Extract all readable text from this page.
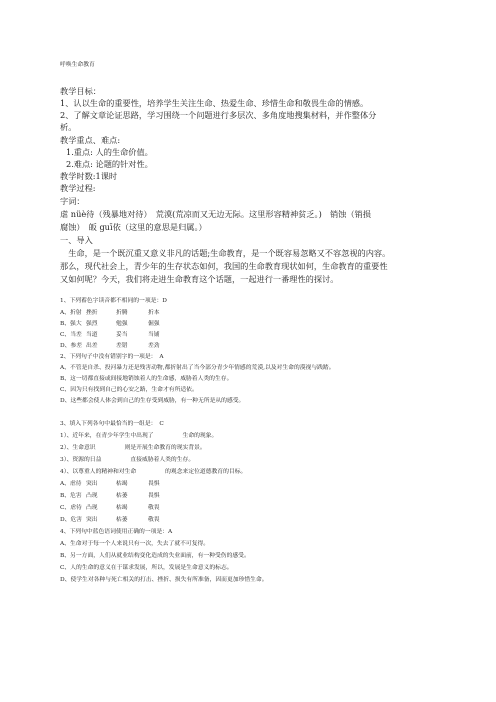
呼唤生命教育
教学目标：
1、认以生命的重要性，培养学生关注生命、热爱生命、珍惜生命和敬畏生命的情感。
2、了解文章论证思路，学习围绕一个问题进行多层次、多角度地搜集材料，并作整体分
析。
教学重点、难点:
1.重点: 人的生命价值。
2.难点: 论题的针对性。
教学时数:1课时
教学过程:
字词：
虐 nüè待（残暴地对待）　荒漠(荒凉而又无边无际。这里形容精神贫乏。)　销蚀（销损
腐蚀）　皈 guī依（这里的意思是归属。）
一、导入
　生命，是一个既沉重又意义非凡的话题;生命教育，是一个既容易忽略又不容忽视的内容。
那么，现代社会上，青少年的生存状态如何，我国的生命教育现状如何，生命教育的重要性
又如何呢？今天，我们将走进生命教育这个话题，一起进行一番理性的探讨。
1、下列蓄色字读音都不相同的一项是：D
A、折射 挫折	折腾	折本
B、强大 强烈	勉强	倔强
C、当差 当道	妥当	当铺
D、参差 出差	差错	差劲
2、下列句子中没有错别字的一项是：　A
A、不管是自杀、投河暴力还是残害动物,都折射出了当今部分青少年情感的荒漠,以及对生命的漠视与践踏。
B、这一切都直接或间接地销蚀着人的生命感，威胁着人类的生存。
C、因为只有找到自己的心安之路，生命才有所适依。
D、这些都会使人体会到自己的生存受到威胁，有一种无所是从的感受。
3、填入下列各句中最恰当的一组是：　C
1）、近年来，在青少年学生中出现了　　　　　生命的现象。
2）、生命意识　　　　　则是开展生命教育的现实背景。
3）、资源的日益　　　　　直接威胁着人类的生存。
4）、以尊重人的精神和对生命　　　　　的观念来定位道德教育的目标。
A、虐待 突出	枯竭	畏惧
B、危害 凸现	枯萎	畏惧
C、虐待 凸现	枯竭	敬畏
D、危害 突出	枯萎	敬畏
4、下列句中蓝色语词使用正确的一项是：A
A、生命对于每一个人来说只有一次，失去了就不可复得。
B、另一方面，人们从就业结构变化造成的失业面前，有一种受伤的感受。
C、人的生命的意义在于谋求发展，所以，发展是生命意义的标志。
D、使学生对各种与死亡相关的打击、挫折、损失有所准备，因而更加珍惜生命。
